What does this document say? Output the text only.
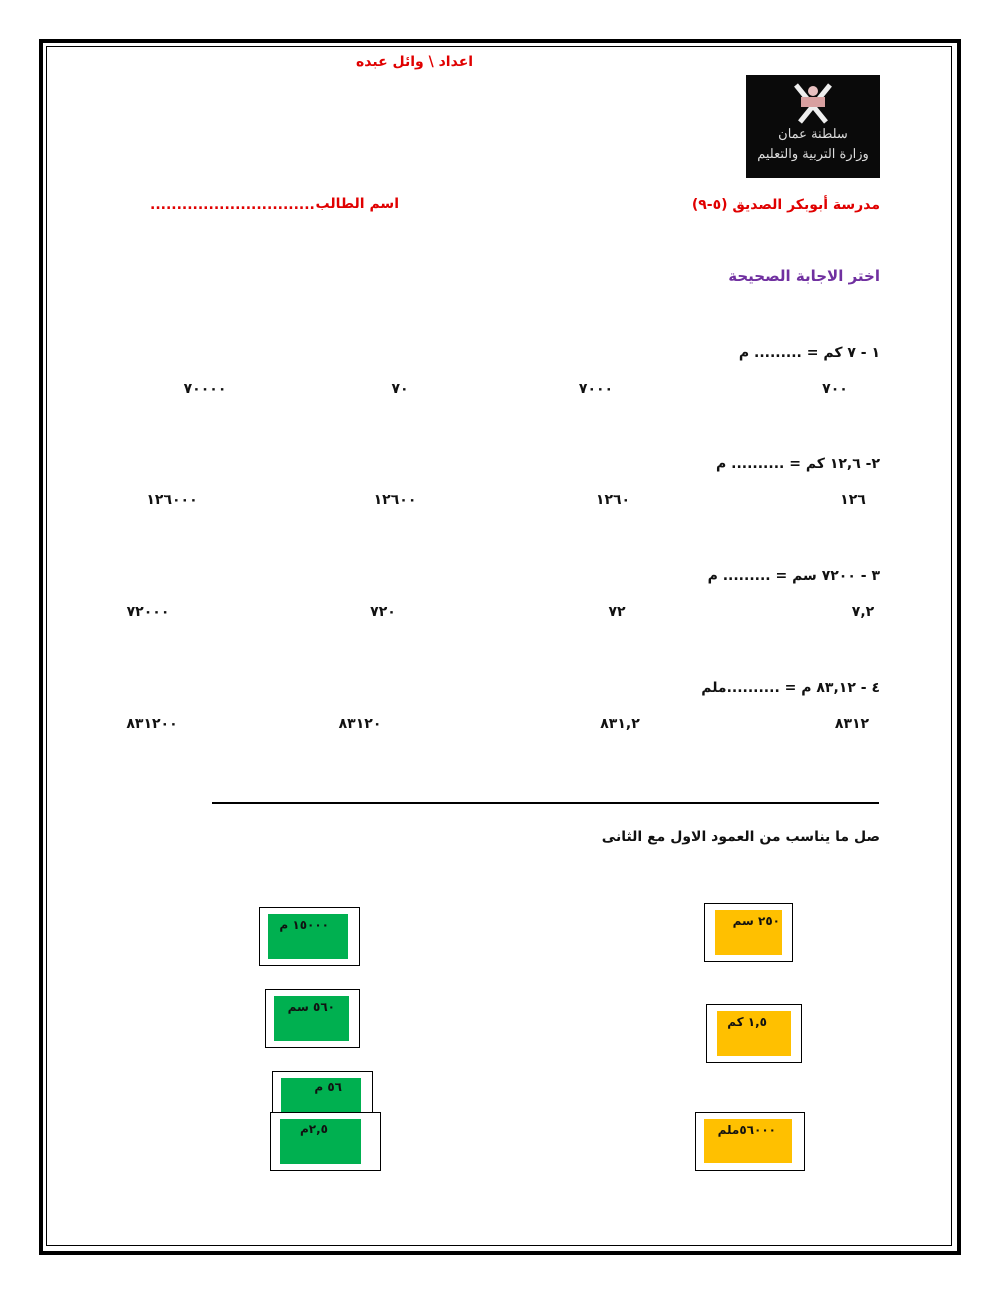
اعداد \ وائل عبده
سلطنة عمان
وزارة التربية والتعليم
مدرسة أبوبكر الصديق (٥-٩)
اسم الطالب
...............................
اختر الاجابة الصحيحة
١ - ٧ كم = ......... م
٧٠٠
٧٠٠٠
٧٠
٧٠٠٠٠
٢- ١٢,٦ كم = .......... م
١٢٦
١٢٦٠
١٢٦٠٠
١٢٦٠٠٠
٣ - ٧٢٠٠ سم = ......... م
٧,٢
٧٢
٧٢٠
٧٢٠٠٠
٤ - ٨٣,١٢ م = ..........ملم
٨٣١٢
٨٣١,٢
٨٣١٢٠
٨٣١٢٠٠
صل ما يناسب من العمود الاول مع الثانى
٢٥٠ سم
١,٥ كم
٥٦٠٠٠ملم
١٥٠٠٠ م
٥٦٠ سم
٥٦ م
٢,٥م
